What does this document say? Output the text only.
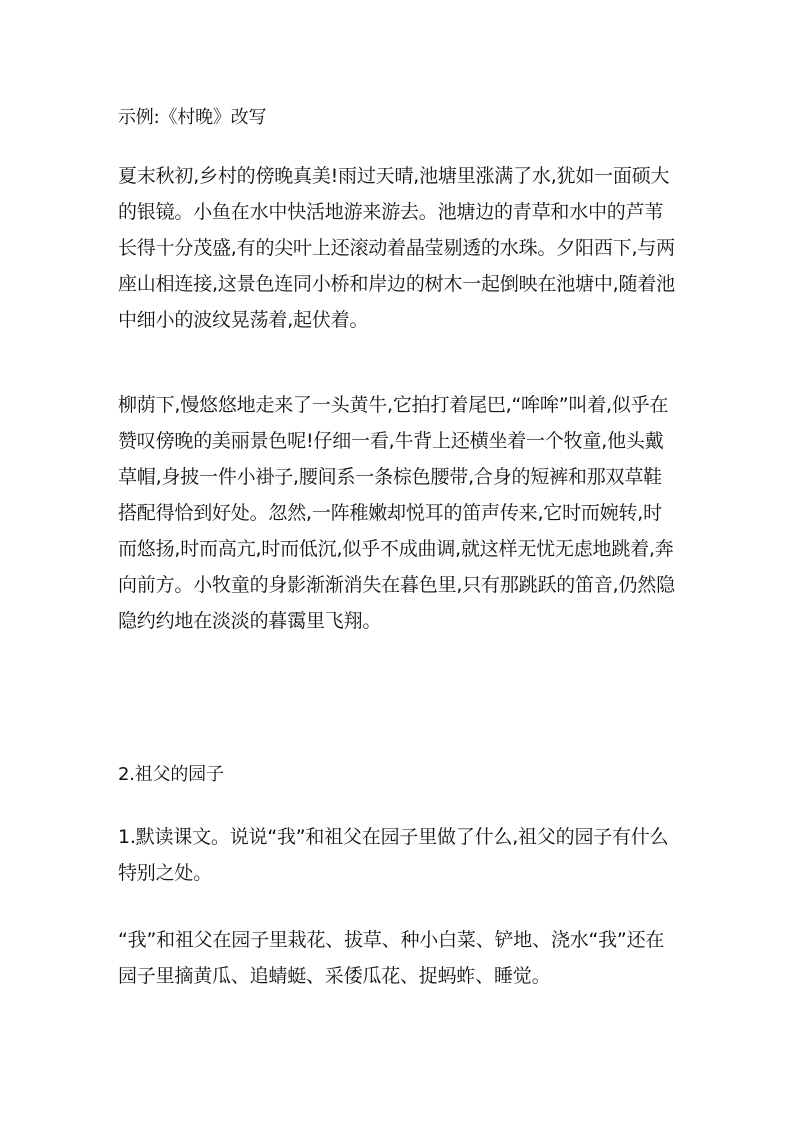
示例:《村晚》改写

夏末秋初,乡村的傍晚真美!雨过天晴,池塘里涨满了水,犹如一面硕大的银镜。小鱼在水中快活地游来游去。池塘边的青草和水中的芦苇长得十分茂盛,有的尖叶上还滚动着晶莹剔透的水珠。夕阳西下,与两座山相连接,这景色连同小桥和岸边的树木一起倒映在池塘中,随着池中细小的波纹晃荡着,起伏着。

柳荫下,慢悠悠地走来了一头黄牛,它拍打着尾巴,“哞哞”叫着,似乎在赞叹傍晚的美丽景色呢!仔细一看,牛背上还横坐着一个牧童,他头戴草帽,身披一件小褂子,腰间系一条棕色腰带,合身的短裤和那双草鞋搭配得恰到好处。忽然,一阵稚嫩却悦耳的笛声传来,它时而婉转,时而悠扬,时而高亢,时而低沉,似乎不成曲调,就这样无忧无虑地跳着,奔向前方。小牧童的身影渐渐消失在暮色里,只有那跳跃的笛音,仍然隐隐约约地在淡淡的暮霭里飞翔。

2.祖父的园子

1.默读课文。说说“我”和祖父在园子里做了什么,祖父的园子有什么特别之处。

“我”和祖父在园子里栽花、拔草、种小白菜、铲地、浇水“我”还在园子里摘黄瓜、追蜻蜓、采倭瓜花、捉蚂蚱、睡觉。
